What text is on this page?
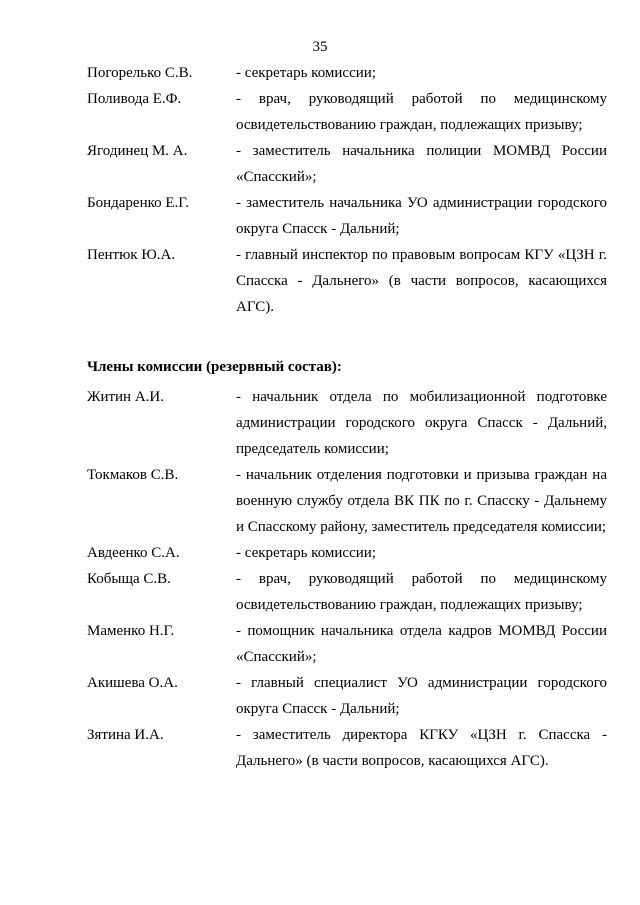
35
Погорелько С.В.	- секретарь комиссии;
Поливода Е.Ф.	- врач, руководящий работой по медицинскому освидетельствованию граждан, подлежащих призыву;
Ягодинец М. А.	- заместитель начальника полиции МОМВД России «Спасский»;
Бондаренко Е.Г.	- заместитель начальника УО администрации городского округа Спасск - Дальний;
Пентюк Ю.А.	- главный инспектор по правовым вопросам КГУ «ЦЗН г. Спасска - Дальнего» (в части вопросов, касающихся АГС).
Члены комиссии (резервный состав):
Житин А.И.	- начальник отдела по мобилизационной подготовке администрации городского округа Спасск - Дальний, председатель комиссии;
Токмаков С.В.	- начальник отделения подготовки и призыва граждан на военную службу отдела ВК ПК по г. Спасску - Дальнему и Спасскому району, заместитель председателя комиссии;
Авдеенко С.А.	- секретарь комиссии;
Кобыща С.В.	- врач, руководящий работой по медицинскому освидетельствованию граждан, подлежащих призыву;
Маменко Н.Г.	- помощник начальника отдела кадров МОМВД России «Спасский»;
Акишева О.А.	- главный специалист УО администрации городского округа Спасск - Дальний;
Зятина И.А.	- заместитель директора КГКУ «ЦЗН г. Спасска - Дальнего» (в части вопросов, касающихся АГС).
